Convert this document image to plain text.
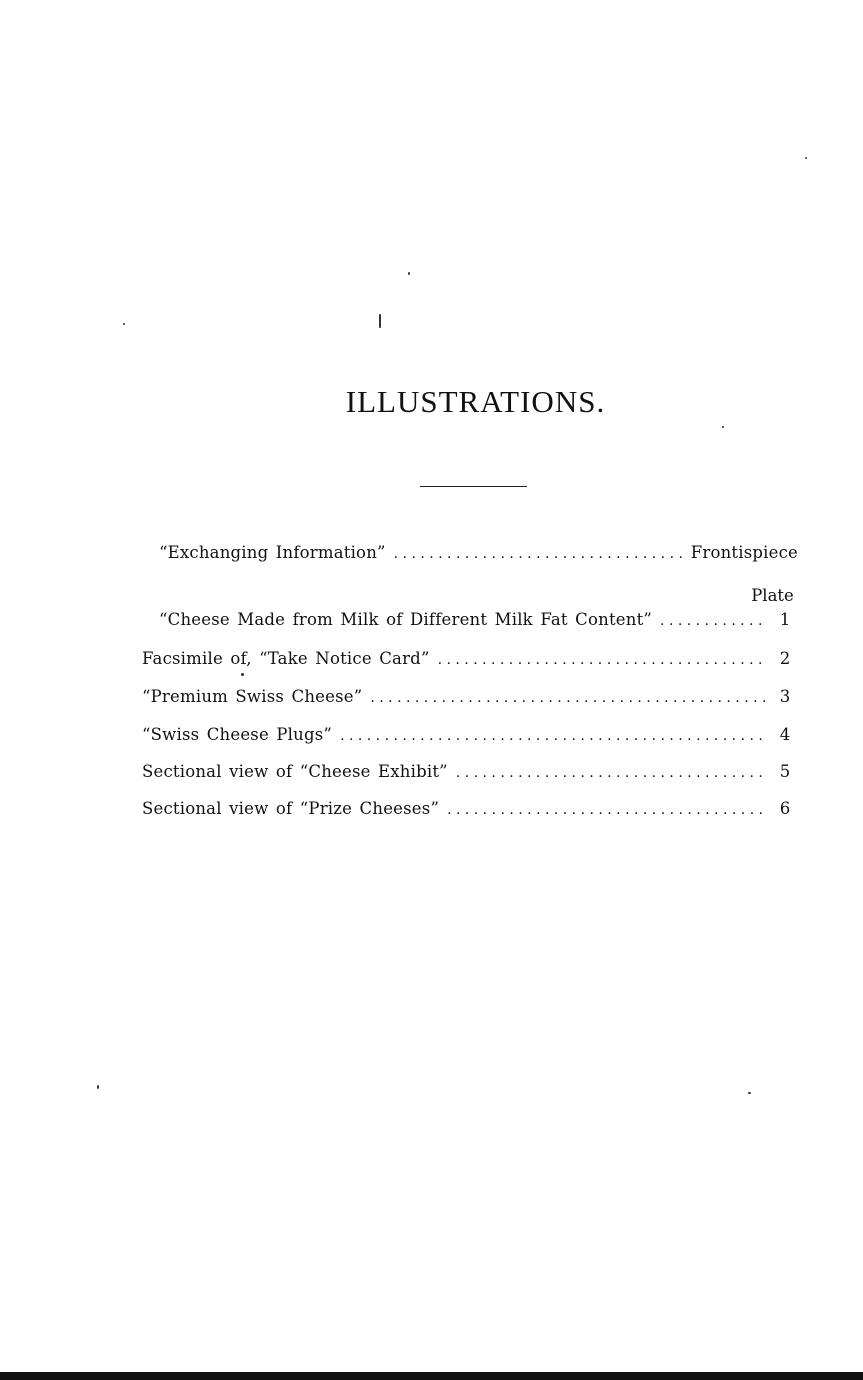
ILLUSTRATIONS.
“Exchanging Information” . . .	Frontispiece
Plate
“Cheese Made from Milk of Different Milk Fat Content” . . .	1
Facsimile of, “Take Notice Card” . . .	2
“Premium Swiss Cheese” . . .	3
“Swiss Cheese Plugs” . . .	4
Sectional view of “Cheese Exhibit” . . .	5
Sectional view of “Prize Cheeses” . . .	6
